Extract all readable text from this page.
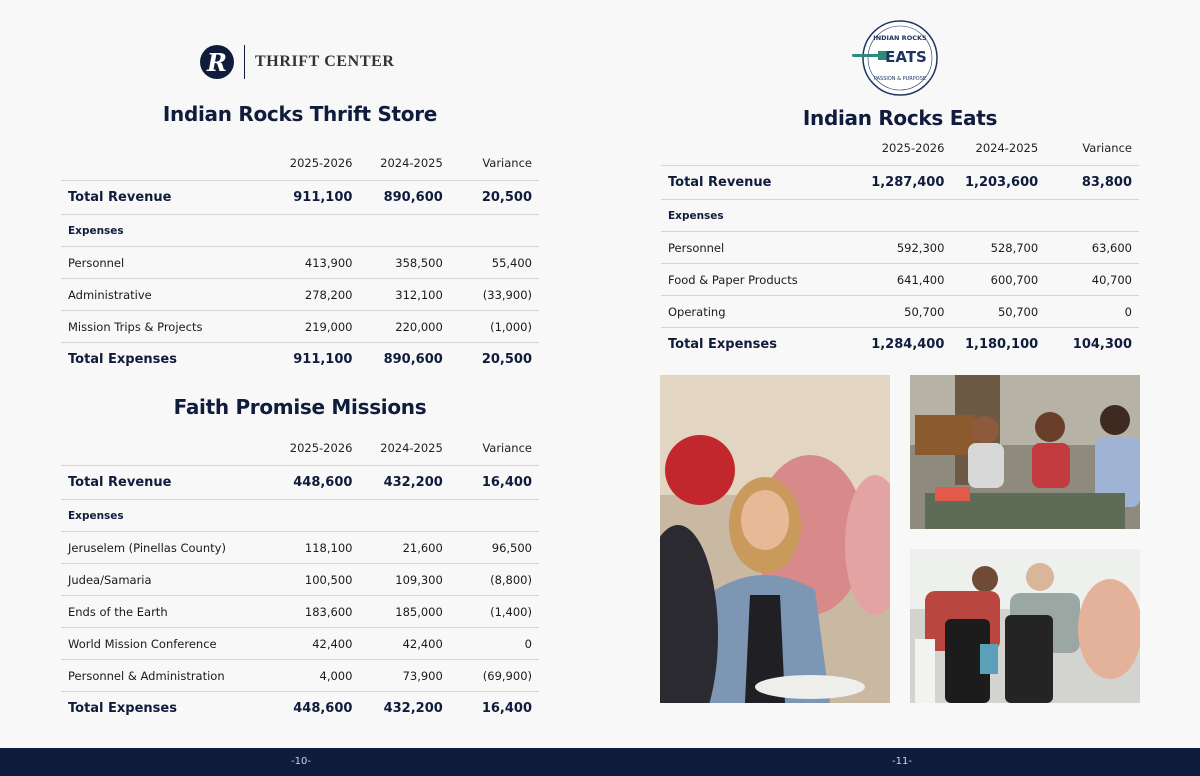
R	THRIFT CENTER
Indian Rocks Thrift Store
	2025-2026	2024-2025	Variance
Total Revenue	911,100	890,600	20,500
Expenses			
Personnel	413,900	358,500	55,400
Administrative	278,200	312,100	(33,900)
Mission Trips & Projects	219,000	220,000	(1,000)
Total Expenses	911,100	890,600	20,500
Faith Promise Missions
	2025-2026	2024-2025	Variance
Total Revenue	448,600	432,200	16,400
Expenses			
Jeruselem (Pinellas County)	118,100	21,600	96,500
Judea/Samaria	100,500	109,300	(8,800)
Ends of the Earth	183,600	185,000	(1,400)
World Mission Conference	42,400	42,400	0
Personnel & Administration	4,000	73,900	(69,900)
Total Expenses	448,600	432,200	16,400
INDIAN ROCKS
EATS
PASSION & PURPOSE
Indian Rocks Eats
	2025-2026	2024-2025	Variance
Total Revenue	1,287,400	1,203,600	83,800
Expenses			
Personnel	592,300	528,700	63,600
Food & Paper Products	641,400	600,700	40,700
Operating	50,700	50,700	0
Total Expenses	1,284,400	1,180,100	104,300
-10-	-11-
